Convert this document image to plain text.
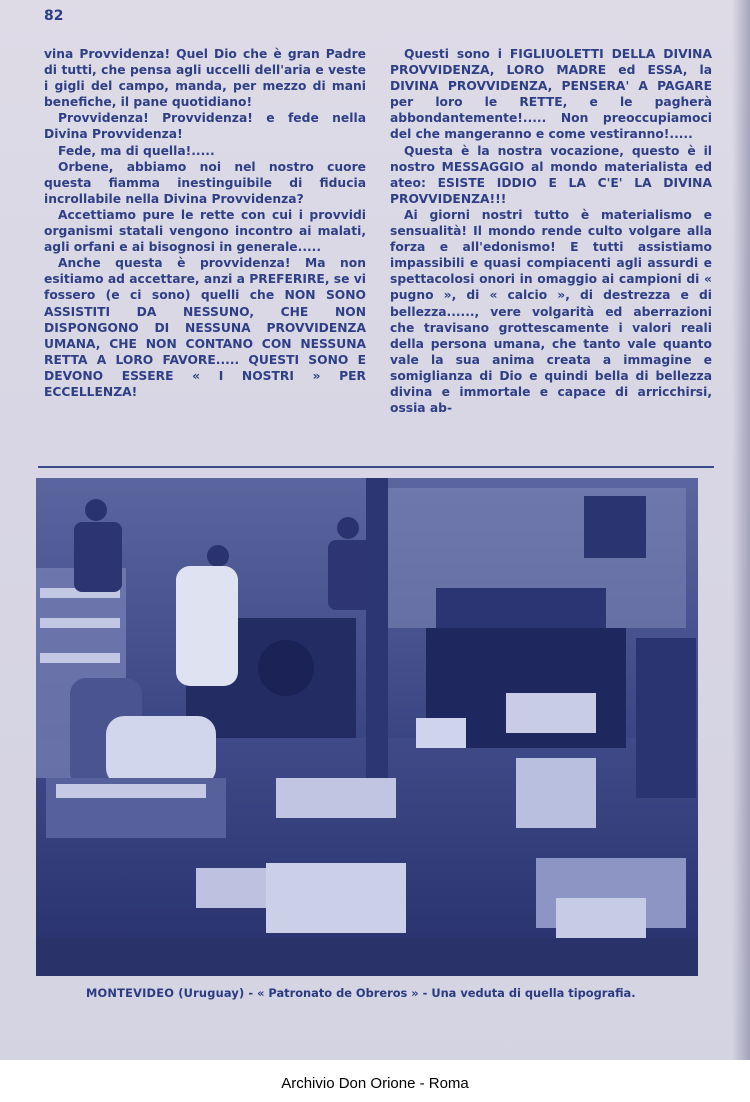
82

vina Provvidenza! Quel Dio che è gran Padre di tutti, che pensa agli uccelli dell'aria e veste i gigli del campo, manda, per mezzo di mani benefiche, il pane quotidiano!

Provvidenza! Provvidenza! e fede nella Divina Provvidenza!

Fede, ma di quella!.....

Orbene, abbiamo noi nel nostro cuore questa fiamma inestinguibile di fiducia incrollabile nella Divina Provvidenza?

Accettiamo pure le rette con cui i provvidi organismi statali vengono incontro ai malati, agli orfani e ai bisognosi in generale.....

Anche questa è provvidenza! Ma non esitiamo ad accettare, anzi a PREFERIRE, se vi fossero (e ci sono) quelli che NON SONO ASSISTITI DA NESSUNO, CHE NON DISPONGONO DI NESSUNA PROVVIDENZA UMANA, CHE NON CONTANO CON NESSUNA RETTA A LORO FAVORE..... QUESTI SONO E DEVONO ESSERE « I NOSTRI » PER ECCELLENZA!

Questi sono i FIGLIUOLETTI DELLA DIVINA PROVVIDENZA, LORO MADRE ed ESSA, la DIVINA PROVVIDENZA, PENSERA' A PAGARE per loro le RETTE, e le pagherà abbondantemente!..... Non preoccupiamoci del che mangeranno e come vestiranno!.....

Questa è la nostra vocazione, questo è il nostro MESSAGGIO al mondo materialista ed ateo: ESISTE IDDIO E LA C'E' LA DIVINA PROVVIDENZA!!!

Ai giorni nostri tutto è materialismo e sensualità! Il mondo rende culto volgare alla forza e all'edonismo! E tutti assistiamo impassibili e quasi compiacenti agli assurdi e spettacolosi onori in omaggio ai campioni di « pugno », di « calcio », di destrezza e di bellezza......, vere volgarità ed aberrazioni che travisano grottescamente i valori reali della persona umana, che tanto vale quanto vale la sua anima creata a immagine e somiglianza di Dio e quindi bella di bellezza divina e immortale e capace di arricchirsi, ossia ab-

MONTEVIDEO (Uruguay) - « Patronato de Obreros » - Una veduta di quella tipografia.
Archivio Don Orione - Roma
